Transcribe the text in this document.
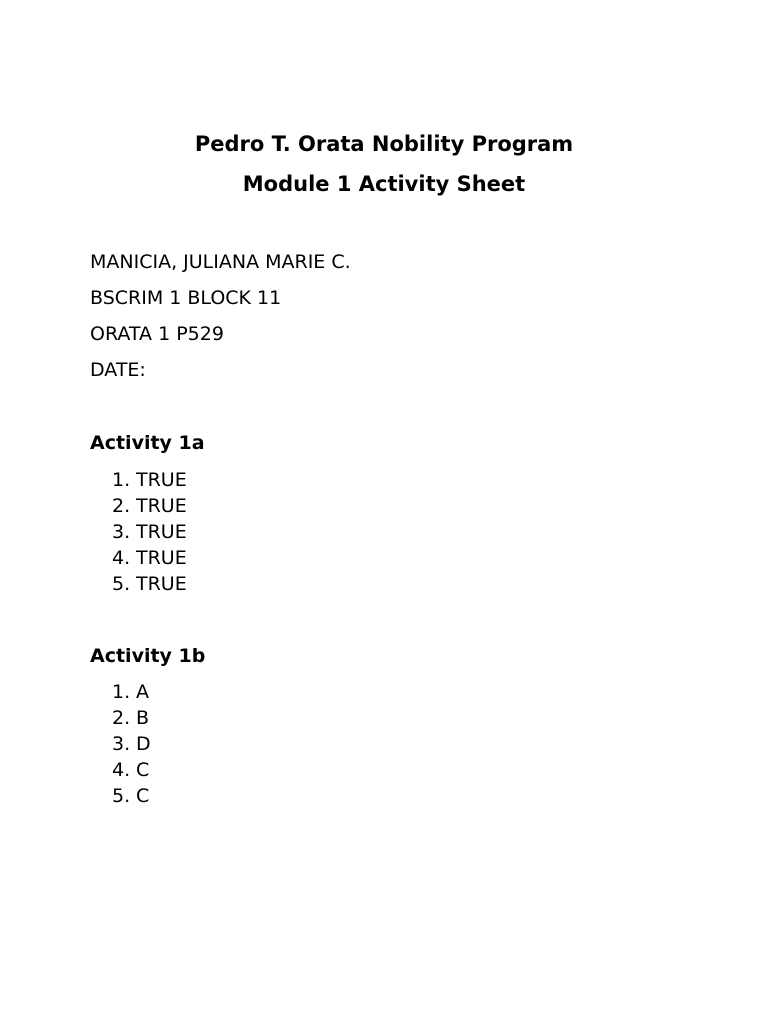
Pedro T. Orata Nobility Program
Module 1 Activity Sheet

MANICIA, JULIANA MARIE C.

BSCRIM 1 BLOCK 11

ORATA 1 P529

DATE:

Activity 1a
1. TRUE
2. TRUE
3. TRUE
4. TRUE
5. TRUE
Activity 1b
1. A
2. B
3. D
4. C
5. C
